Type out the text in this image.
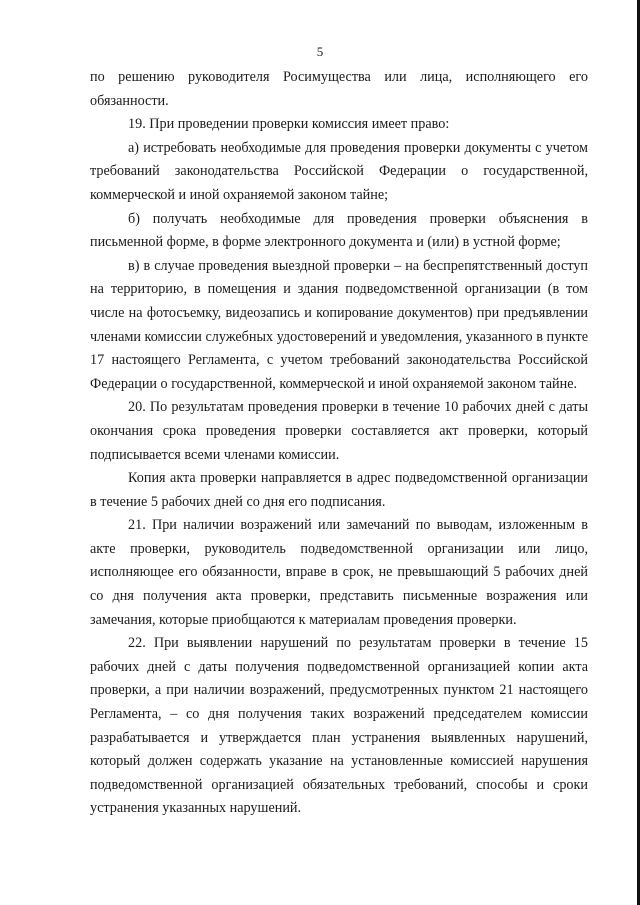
5

по решению руководителя Росимущества или лица, исполняющего его обязанности.

19. При проведении проверки комиссия имеет право:

а) истребовать необходимые для проведения проверки документы с учетом требований законодательства Российской Федерации о государственной, коммерческой и иной охраняемой законом тайне;

б) получать необходимые для проведения проверки объяснения в письменной форме, в форме электронного документа и (или) в устной форме;

в) в случае проведения выездной проверки – на беспрепятственный доступ на территорию, в помещения и здания подведомственной организации (в том числе на фотосъемку, видеозапись и копирование документов) при предъявлении членами комиссии служебных удостоверений и уведомления, указанного в пункте 17 настоящего Регламента, с учетом требований законодательства Российской Федерации о государственной, коммерческой и иной охраняемой законом тайне.

20. По результатам проведения проверки в течение 10 рабочих дней с даты окончания срока проведения проверки составляется акт проверки, который подписывается всеми членами комиссии.

Копия акта проверки направляется в адрес подведомственной организации в течение 5 рабочих дней со дня его подписания.

21. При наличии возражений или замечаний по выводам, изложенным в акте проверки, руководитель подведомственной организации или лицо, исполняющее его обязанности, вправе в срок, не превышающий 5 рабочих дней со дня получения акта проверки, представить письменные возражения или замечания, которые приобщаются к материалам проведения проверки.

22. При выявлении нарушений по результатам проверки в течение 15 рабочих дней с даты получения подведомственной организацией копии акта проверки, а при наличии возражений, предусмотренных пунктом 21 настоящего Регламента, – со дня получения таких возражений председателем комиссии разрабатывается и утверждается план устранения выявленных нарушений, который должен содержать указание на установленные комиссией нарушения подведомственной организацией обязательных требований, способы и сроки устранения указанных нарушений.
